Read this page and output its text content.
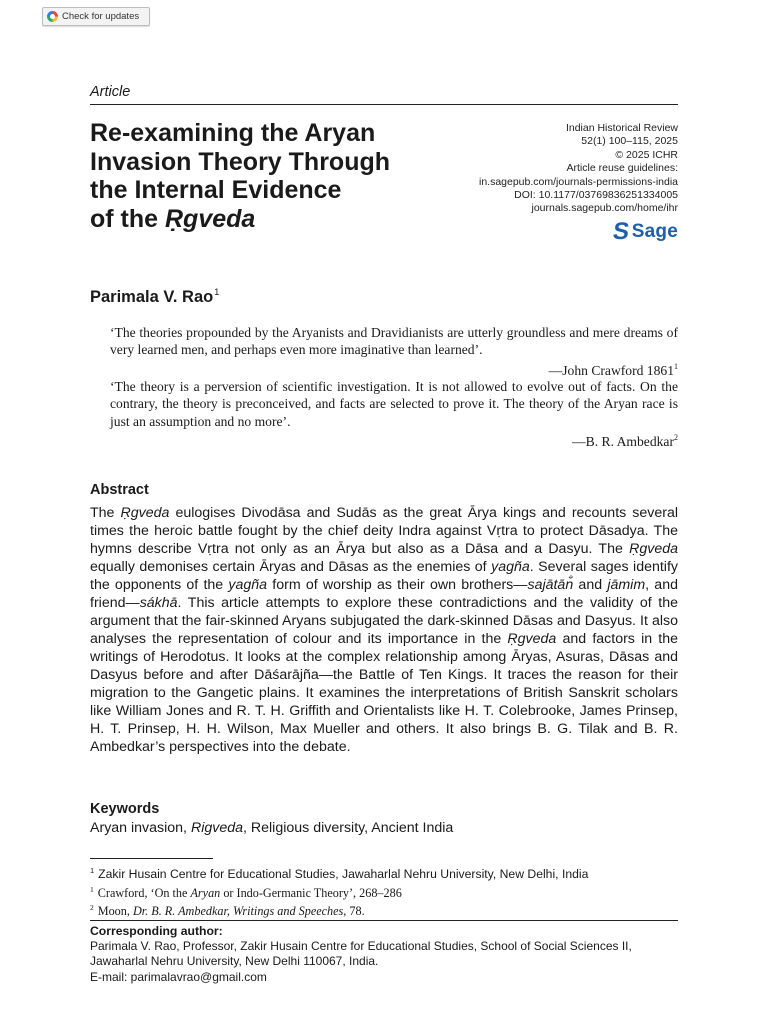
Check for updates
Article
Re-examining the Aryan
Invasion Theory Through
the Internal Evidence
of the Ṛgveda
Indian Historical Review
52(1) 100–115, 2025
© 2025 ICHR
Article reuse guidelines:
in.sagepub.com/journals-permissions-india
DOI: 10.1177/03769836251334005
journals.sagepub.com/home/ihr
S Sage
Parimala V. Rao$^1$

‘The theories propounded by the Aryanists and Dravidianists are utterly groundless and mere dreams of very learned men, and perhaps even more imaginative than learned’.

—John Crawford 1861$^1$

‘The theory is a perversion of scientific investigation. It is not allowed to evolve out of facts. On the contrary, the theory is preconceived, and facts are selected to prove it. The theory of the Aryan race is just an assumption and no more’.

—B. R. Ambedkar$^2$
Abstract

The Ṛgveda eulogises Divodāsa and Sudās as the great Ārya kings and recounts several times the heroic battle fought by the chief deity Indra against Vṛtra to protect Dāsadya. The hymns describe Vṛtra not only as an Ārya but also as a Dāsa and a Dasyu. The Ṛgveda equally demonises certain Āryas and Dāsas as the enemies of yagña. Several sages identify the opponents of the yagña form of worship as their own brothers—sajātān̐ and jāmim, and friend—sákhā. This article attempts to explore these contradictions and the validity of the argument that the fair-skinned Aryans subjugated the dark-skinned Dāsas and Dasyus. It also analyses the representation of colour and its importance in the Ṛgveda and factors in the writings of Herodotus. It looks at the complex relationship among Āryas, Asuras, Dāsas and Dasyus before and after Dāśarājña—the Battle of Ten Kings. It traces the reason for their migration to the Gangetic plains. It examines the interpretations of British Sanskrit scholars like William Jones and R. T. H. Griffith and Orientalists like H. T. Colebrooke, James Prinsep, H. T. Prinsep, H. H. Wilson, Max Mueller and others. It also brings B. G. Tilak and B. R. Ambedkar’s perspectives into the debate.

Keywords
Aryan invasion, Rigveda, Religious diversity, Ancient India
$^1$ Zakir Husain Centre for Educational Studies, Jawaharlal Nehru University, New Delhi, India
$^1$ Crawford, ‘On the Aryan or Indo-Germanic Theory’, 268–286
$^2$ Moon, Dr. B. R. Ambedkar, Writings and Speeches, 78.
Corresponding author:
Parimala V. Rao, Professor, Zakir Husain Centre for Educational Studies, School of Social Sciences II,
Jawaharlal Nehru University, New Delhi 110067, India.
E-mail: parimalavrao@gmail.com
